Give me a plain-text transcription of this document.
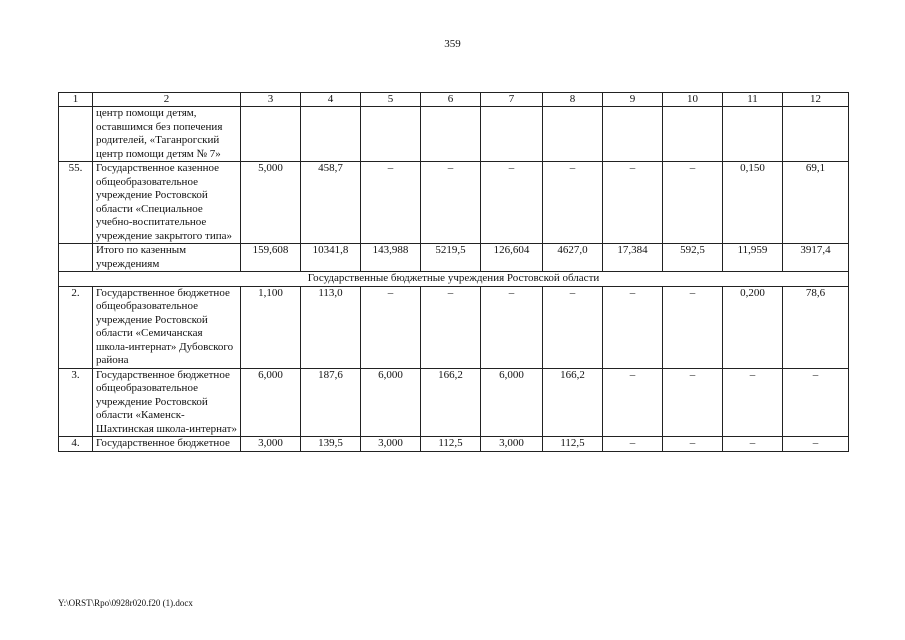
359
1	2	3	4	5	6	7	8	9	10	11	12
	центр помощи детям, оставшимся без попечения родителей, «Таганрогский центр помощи детям № 7»										
55.	Государственное казенное общеобразовательное учреждение Ростовской области «Специальное учебно-воспитательное учреждение закрытого типа»	5,000	458,7	–	–	–	–	–	–	0,150	69,1
	Итого по казенным учреждениям	159,608	10341,8	143,988	5219,5	126,604	4627,0	17,384	592,5	11,959	3917,4
Государственные бюджетные учреждения Ростовской области											
2.	Государственное бюджетное общеобразовательное учреждение Ростовской области «Семичанская школа-интернат» Дубовского района	1,100	113,0	–	–	–	–	–	–	0,200	78,6
3.	Государственное бюджетное общеобразовательное учреждение Ростовской области «Каменск-Шахтинская школа-интернат»	6,000	187,6	6,000	166,2	6,000	166,2	–	–	–	–
4.	Государственное бюджетное	3,000	139,5	3,000	112,5	3,000	112,5	–	–	–	–
Y:\ORST\Rpo\0928r020.f20 (1).docx
